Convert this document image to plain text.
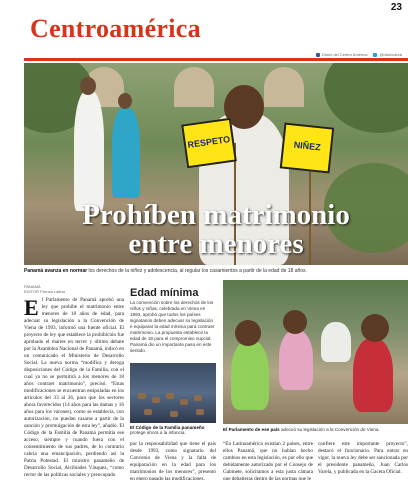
23
Centroamérica
Diario del Centro América	@diariodeca
RESPETO	NIÑEZ
Prohíben matrimonio
entre menores
Panamá avanza en normar los derechos de la niñez y adolescencia, al regular los casamientos a partir de la edad de 18 años.
PANAMÁ
EDITOR Prensa Latina
El Parlamento de Panamá aprobó una ley que prohíbe el matrimonio entre menores de 18 años de edad, para adecuar su legislación a la Convención de Viena de 1993, informó una fuente oficial. El proyecto de ley que establece la prohibición fue aprobado el martes en tercer y último debate por la Asamblea Nacional de Panamá, indicó en un comunicado el Ministerio de Desarrollo Social. La nueva norma “modifica y deroga disposiciones del Código de la Familia, con el cual ya no se permitirá a los menores de 18 años contraer matrimonio”, precisó. “Estas modificaciones se encuentran estipuladas en los artículos del 33 al 36, para que los sectores ahora favorecidos (14 años para las damas y 16 años para los varones), como se establecía, con autorización, no puedan casarse a partir de la sanción y promulgación de esta ley”, añadió. El Código de la Familia de Panamá permitía ese acceso, siempre y cuando fuera con el consentimiento de sus padres, de lo contrario cabría una emancipación, perdiendo así la Patria Potestad. El ministro panameño de Desarrollo Social, Alcibíades Vásquez, “como rector de las políticas sociales y preocupado
Edad mínima
La convención sobre los derechos de los niños y niñas, celebrada en Viena en 1993, aprobó que todos los países signatarios deben adecuar su legislación e equiparar la edad mínima para contraer matrimonio. La propuesta establece la edad de 18 para el compromiso nupcial. Panamá dio un importante paso en este sentido.
El Código de la Familia panameño protege ahora a la infancia.
por la responsabilidad que tiene el país desde 1993, como signatario del Convenio de Viena y la falta de equiparación en la edad para los matrimonios de los menores”, presentó en enero pasado las modificaciones.
El Parlamento de ese país adecuó su legislación a la Convención de Viena.
“En Latinoamérica existían 2 países, entre ellos Panamá, que no habían hecho cambios en esta legislación, es por ello que debidamente autorizado por el Consejo de Gabinete, solicitamos a esta justa cámara que debatieras dentro de las normas que le
confiere este importante proyecto”, destacó el funcionario. Para entrar en vigor, la nueva ley debe ser sancionada por el presidente panameño, Juan Carlos Varela, y publicada en la Gaceta Oficial.
